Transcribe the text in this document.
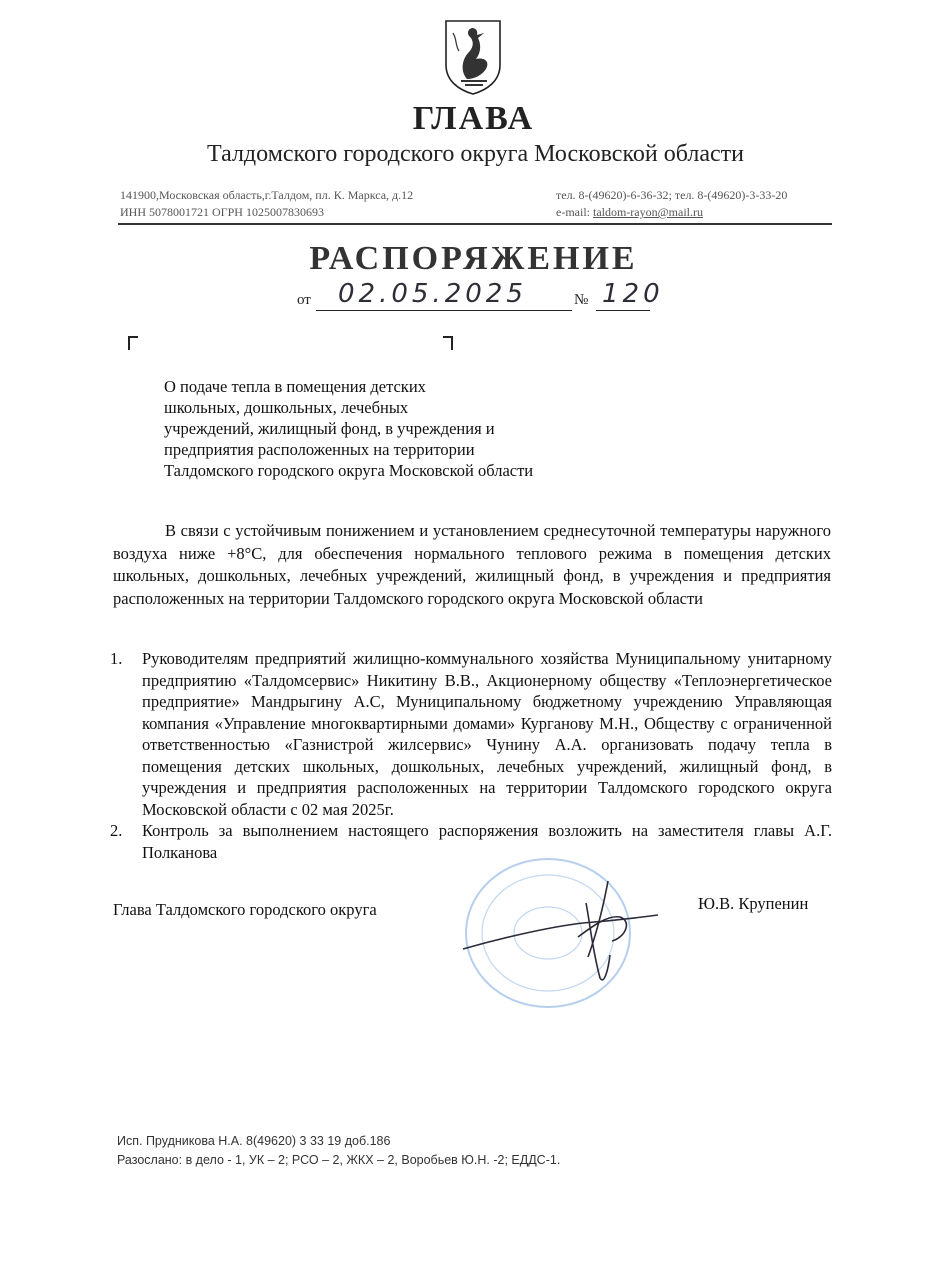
ГЛАВА
Талдомского городского округа Московской области
141900,Московская область,г.Талдом, пл. К. Маркса, д.12
ИНН 5078001721 ОГРН 1025007830693
тел. 8-(49620)-6-36-32; тел. 8-(49620)-3-33-20
e-mail: taldom-rayon@mail.ru
РАСПОРЯЖЕНИЕ
от 02.05.2025	№ 120
О подаче тепла в помещения детских
школьных, дошкольных, лечебных
учреждений, жилищный фонд, в учреждения и
предприятия расположенных на территории
Талдомского городского округа Московской области
В связи с устойчивым понижением и установлением среднесуточной температуры наружного воздуха ниже +8°С, для обеспечения нормального теплового режима в помещения детских школьных, дошкольных, лечебных учреждений, жилищный фонд, в учреждения и предприятия расположенных на территории Талдомского городского округа Московской области
1. Руководителям предприятий жилищно-коммунального хозяйства Муниципальному унитарному предприятию «Талдомсервис» Никитину В.В., Акционерному обществу «Теплоэнергетическое предприятие» Мандрыгину А.С, Муниципальному бюджетному учреждению Управляющая компания «Управление многоквартирными домами» Курганову М.Н., Обществу с ограниченной ответственностью «Газнистрой жилсервис» Чунину А.А. организовать подачу тепла в помещения детских школьных, дошкольных, лечебных учреждений, жилищный фонд, в учреждения и предприятия расположенных на территории Талдомского городского округа Московской области с 02 мая 2025г.
2. Контроль за выполнением настоящего распоряжения возложить на заместителя главы А.Г. Полканова
Глава Талдомского городского округа	Ю.В. Крупенин
Исп. Прудникова Н.А. 8(49620) 3 33 19 доб.186
Разослано: в дело - 1, УК – 2; РСО – 2, ЖКХ – 2, Воробьев Ю.Н. -2; ЕДДС-1.
